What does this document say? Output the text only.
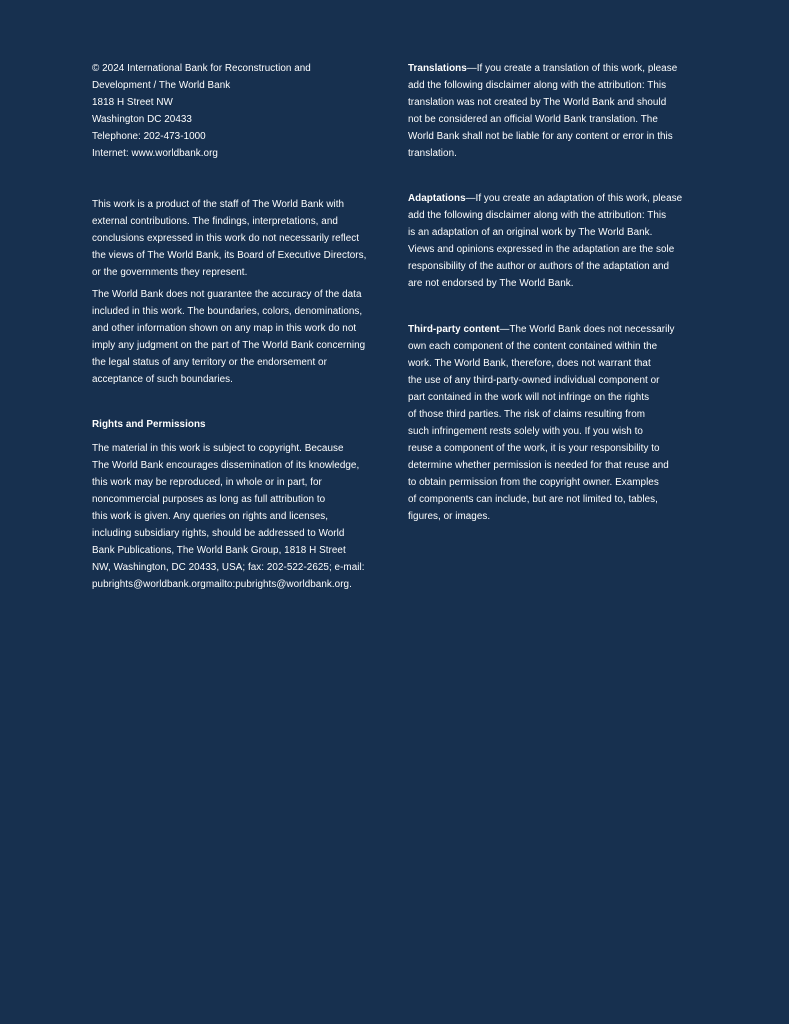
© 2024 International Bank for Reconstruction and
Development / The World Bank
1818 H Street NW
Washington DC 20433
Telephone: 202-473-1000
Internet: www.worldbank.org
This work is a product of the staff of The World Bank with
external contributions. The findings, interpretations, and
conclusions expressed in this work do not necessarily reflect
the views of The World Bank, its Board of Executive Directors,
or the governments they represent.
The World Bank does not guarantee the accuracy of the data
included in this work. The boundaries, colors, denominations,
and other information shown on any map in this work do not
imply any judgment on the part of The World Bank concerning
the legal status of any territory or the endorsement or
acceptance of such boundaries.
Rights and Permissions
The material in this work is subject to copyright. Because
The World Bank encourages dissemination of its knowledge,
this work may be reproduced, in whole or in part, for
noncommercial purposes as long as full attribution to
this work is given. Any queries on rights and licenses,
including subsidiary rights, should be addressed to World
Bank Publications, The World Bank Group, 1818 H Street
NW, Washington, DC 20433, USA; fax: 202-522-2625; e-mail:
pubrights@worldbank.orgmailto:pubrights@worldbank.org.
Translations—If you create a translation of this work, please
add the following disclaimer along with the attribution: This
translation was not created by The World Bank and should
not be considered an official World Bank translation. The
World Bank shall not be liable for any content or error in this
translation.
Adaptations—If you create an adaptation of this work, please
add the following disclaimer along with the attribution: This
is an adaptation of an original work by The World Bank.
Views and opinions expressed in the adaptation are the sole
responsibility of the author or authors of the adaptation and
are not endorsed by The World Bank.
Third-party content—The World Bank does not necessarily
own each component of the content contained within the
work. The World Bank, therefore, does not warrant that
the use of any third-party-owned individual component or
part contained in the work will not infringe on the rights
of those third parties. The risk of claims resulting from
such infringement rests solely with you. If you wish to
reuse a component of the work, it is your responsibility to
determine whether permission is needed for that reuse and
to obtain permission from the copyright owner. Examples
of components can include, but are not limited to, tables,
figures, or images.
